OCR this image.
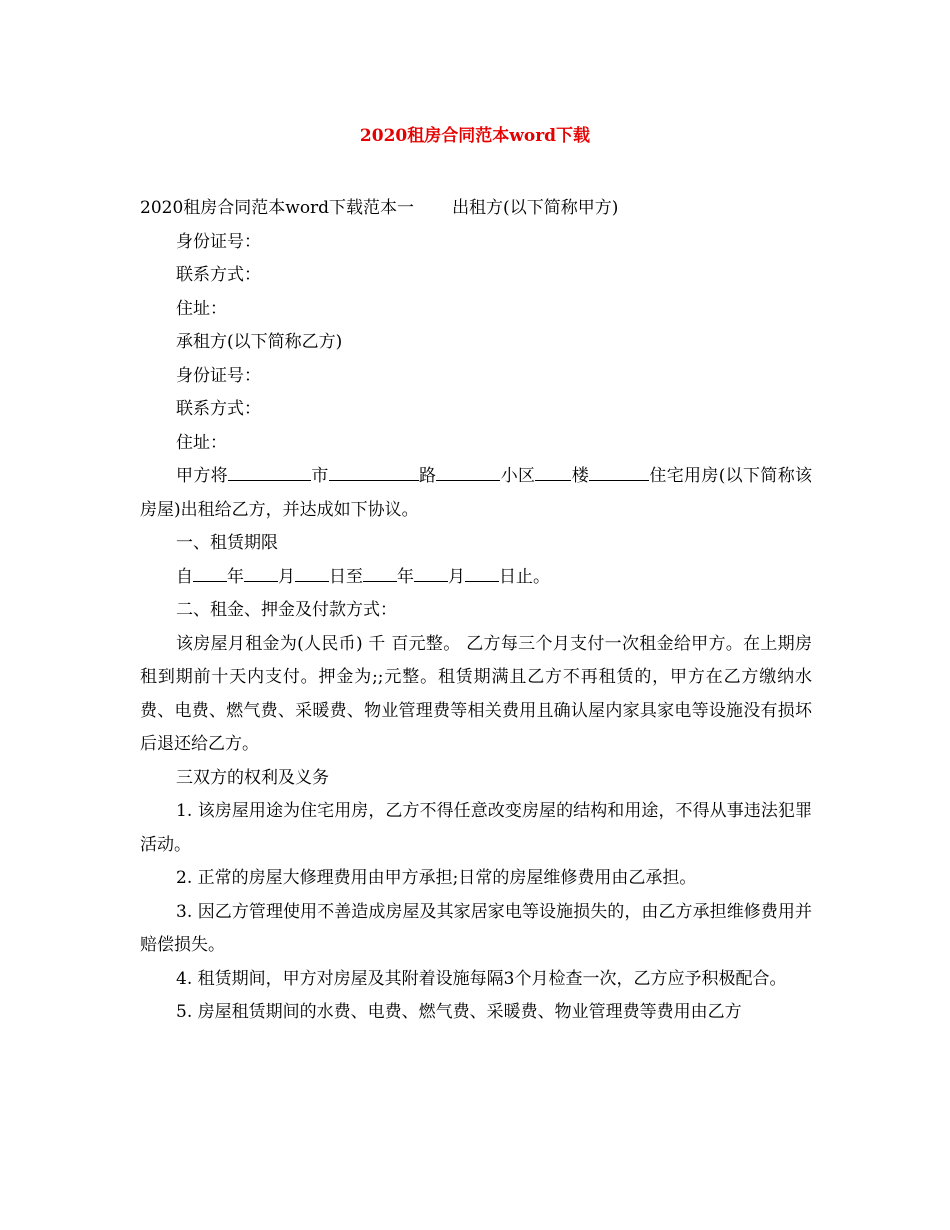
2020租房合同范本word下载

2020租房合同范本word下载范本一 出租方(以下简称甲方)

身份证号：

联系方式：

住址：

承租方(以下简称乙方)

身份证号：

联系方式：

住址：

甲方将	市	路	小区 楼	住宅用房(以下简称该房屋)出租给乙方，并达成如下协议。

一、租赁期限

自 年 月 日至 年 月 日止。

二、租金、押金及付款方式：

该房屋月租金为(人民币) 千 百元整。 乙方每三个月支付一次租金给甲方。在上期房租到期前十天内支付。押金为;;元整。租赁期满且乙方不再租赁的，甲方在乙方缴纳水费、电费、燃气费、采暖费、物业管理费等相关费用且确认屋内家具家电等设施没有损坏后退还给乙方。

三双方的权利及义务

1. 该房屋用途为住宅用房，乙方不得任意改变房屋的结构和用途，不得从事违法犯罪活动。

2. 正常的房屋大修理费用由甲方承担;日常的房屋维修费用由乙承担。

3. 因乙方管理使用不善造成房屋及其家居家电等设施损失的，由乙方承担维修费用并赔偿损失。

4. 租赁期间，甲方对房屋及其附着设施每隔3个月检查一次，乙方应予积极配合。

5. 房屋租赁期间的水费、电费、燃气费、采暖费、物业管理费等费用由乙方
